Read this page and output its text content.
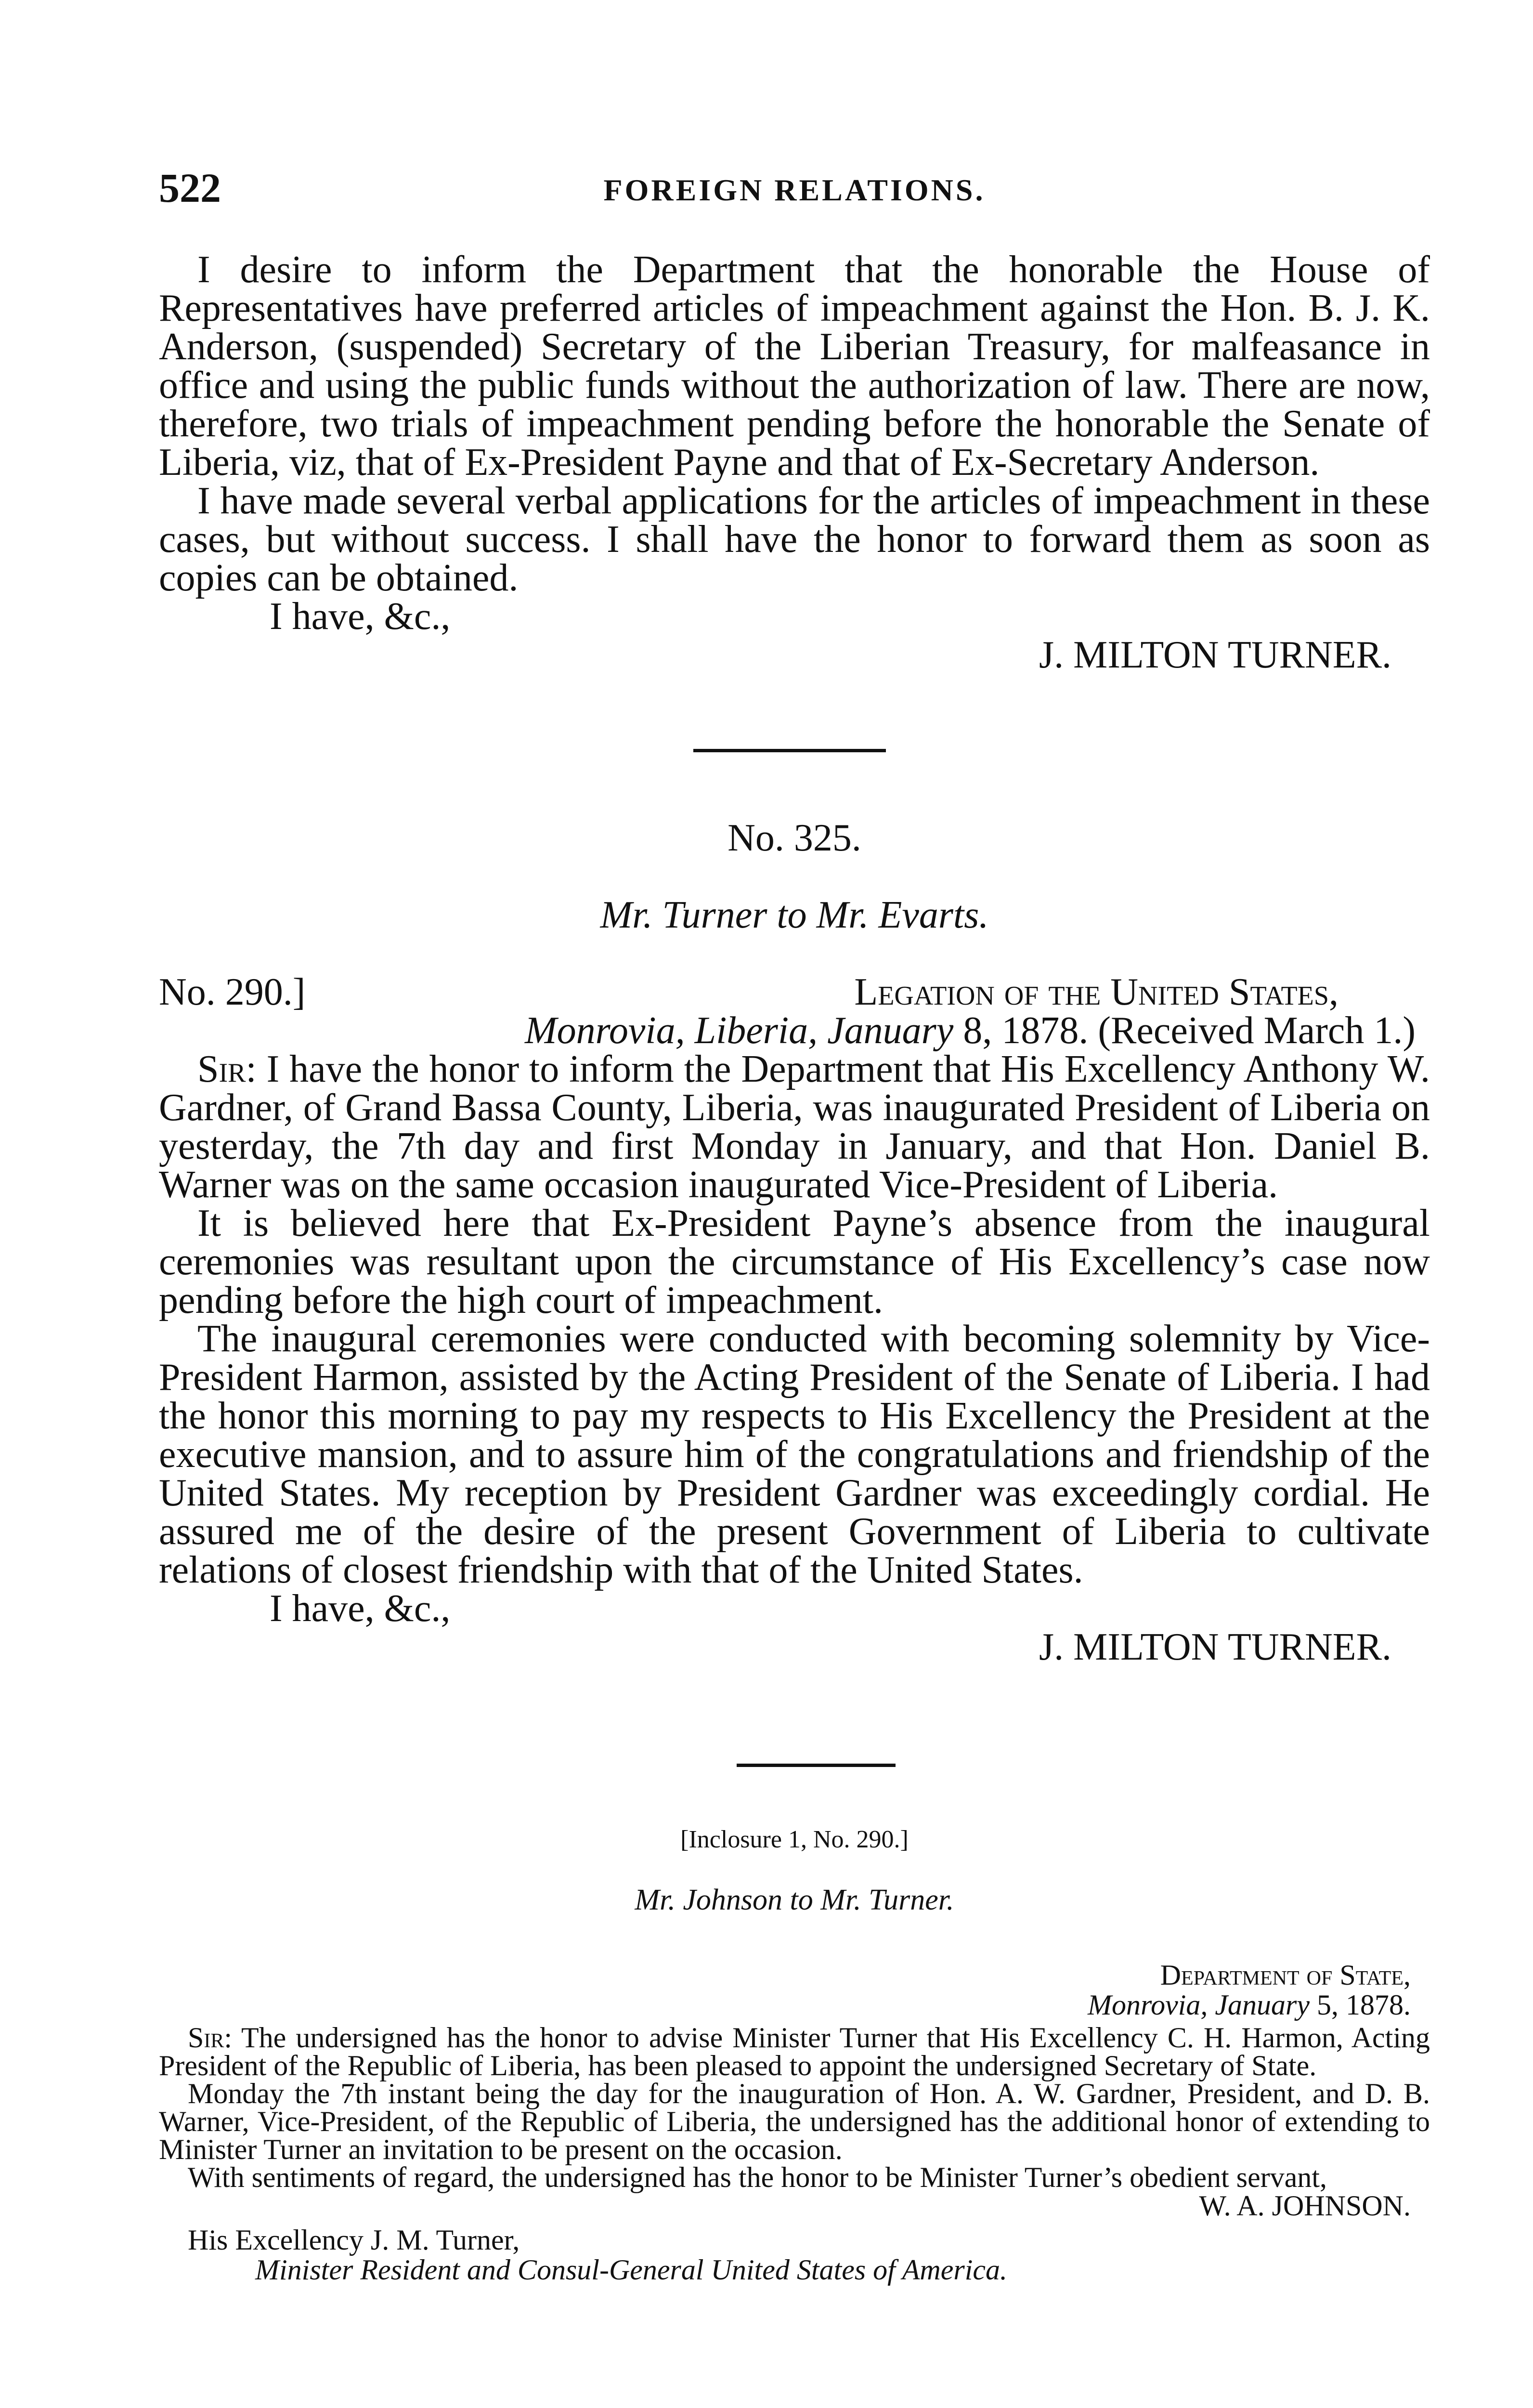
522	FOREIGN RELATIONS.

I desire to inform the Department that the honorable the House of Representatives have preferred articles of impeachment against the Hon. B. J. K. Anderson, (suspended) Secretary of the Liberian Treasury, for malfeasance in office and using the public funds without the authorization of law. There are now, therefore, two trials of impeachment pending before the honorable the Senate of Liberia, viz, that of Ex-President Payne and that of Ex-Secretary Anderson.

I have made several verbal applications for the articles of impeachment in these cases, but without success. I shall have the honor to forward them as soon as copies can be obtained.

I have, &c.,

J. MILTON TURNER.
No. 325.
Mr. Turner to Mr. Evarts.
No. 290.]	Legation of the United States,
Monrovia, Liberia, January 8, 1878. (Received March 1.)

Sir: I have the honor to inform the Department that His Excellency Anthony W. Gardner, of Grand Bassa County, Liberia, was inaugurated President of Liberia on yesterday, the 7th day and first Monday in January, and that Hon. Daniel B. Warner was on the same occasion inaugurated Vice-President of Liberia.

It is believed here that Ex-President Payne’s absence from the inaugural ceremonies was resultant upon the circumstance of His Excellency’s case now pending before the high court of impeachment.

The inaugural ceremonies were conducted with becoming solemnity by Vice-President Harmon, assisted by the Acting President of the Senate of Liberia. I had the honor this morning to pay my respects to His Excellency the President at the executive mansion, and to assure him of the congratulations and friendship of the United States. My reception by President Gardner was exceedingly cordial. He assured me of the desire of the present Government of Liberia to cultivate relations of closest friendship with that of the United States.

I have, &c.,

J. MILTON TURNER.
[Inclosure 1, No. 290.]
Mr. Johnson to Mr. Turner.
Department of State,
Monrovia, January 5, 1878.

Sir: The undersigned has the honor to advise Minister Turner that His Excellency C. H. Harmon, Acting President of the Republic of Liberia, has been pleased to appoint the undersigned Secretary of State.

Monday the 7th instant being the day for the inauguration of Hon. A. W. Gardner, President, and D. B. Warner, Vice-President, of the Republic of Liberia, the undersigned has the additional honor of extending to Minister Turner an invitation to be present on the occasion.

With sentiments of regard, the undersigned has the honor to be Minister Turner’s obedient servant,

W. A. JOHNSON.
His Excellency J. M. Turner,
Minister Resident and Consul-General United States of America.
